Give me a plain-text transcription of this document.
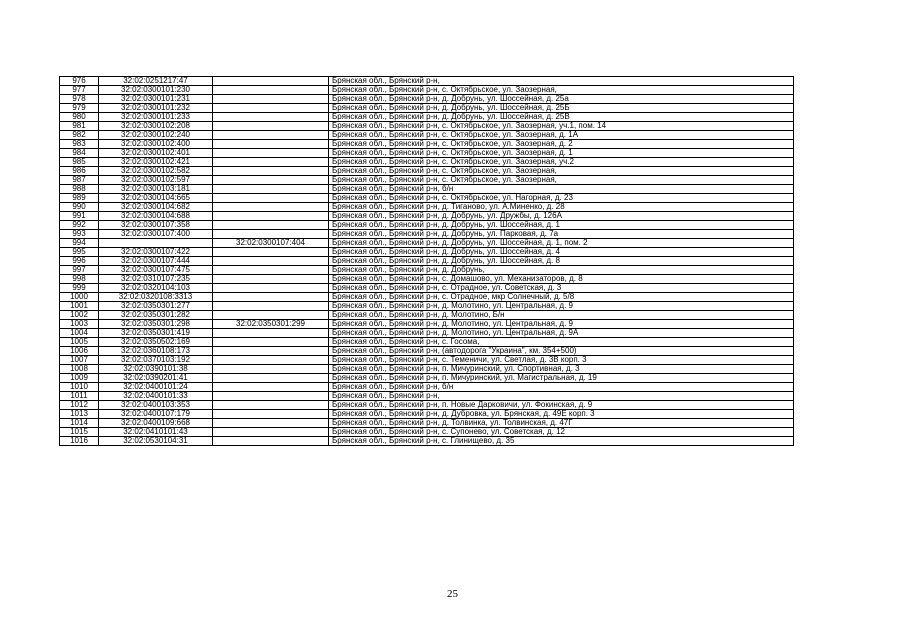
976	32:02:0251217:47		Брянская обл., Брянский р-н,
977	32:02:0300101:230		Брянская обл., Брянский р-н, с. Октябрьское, ул. Заозерная,
978	32:02:0300101:231		Брянская обл., Брянский р-н, д. Добрунь, ул. Шоссейная, д. 25а
979	32:02:0300101:232		Брянская обл., Брянский р-н, д. Добрунь, ул. Шоссейная, д. 25Б
980	32:02:0300101:233		Брянская обл., Брянский р-н, д. Добрунь, ул. Шоссейная, д. 25В
981	32:02:0300102:208		Брянская обл., Брянский р-н, с. Октябрьское, ул. Заозерная, уч.1, пом. 14
982	32:02:0300102:240		Брянская обл., Брянский р-н, с. Октябрьское, ул. Заозерная, д. 1А
983	32:02:0300102:400		Брянская обл., Брянский р-н, с. Октябрьское, ул. Заозерная, д. 2
984	32:02:0300102:401		Брянская обл., Брянский р-н, с. Октябрьское, ул. Заозерная, д. 1
985	32:02:0300102:421		Брянская обл., Брянский р-н, с. Октябрьское, ул. Заозерная, уч.2
986	32:02:0300102:582		Брянская обл., Брянский р-н, с. Октябрьское, ул. Заозерная,
987	32:02:0300102:597		Брянская обл., Брянский р-н, с. Октябрьское, ул. Заозерная,
988	32:02:0300103:181		Брянская обл., Брянский р-н, б/н
989	32:02:0300104:665		Брянская обл., Брянский р-н, с. Октябрьское, ул. Нагорная, д. 23
990	32:02:0300104:682		Брянская обл., Брянский р-н, д. Тиганово, ул. А.Миненко, д. 28
991	32:02:0300104:688		Брянская обл., Брянский р-н, д. Добрунь, ул. Дружбы, д. 126А
992	32:02:0300107:358		Брянская обл., Брянский р-н, д. Добрунь, ул. Шоссейная, д. 1
993	32:02:0300107:400		Брянская обл., Брянский р-н, д. Добрунь, ул. Парковая, д. 7а
994		32:02:0300107:404	Брянская обл., Брянский р-н, д. Добрунь, ул. Шоссейная, д. 1, пом. 2
995	32:02:0300107:422		Брянская обл., Брянский р-н, д. Добрунь, ул. Шоссейная, д. 4
996	32:02:0300107:444		Брянская обл., Брянский р-н, д. Добрунь, ул. Шоссейная, д. 8
997	32:02:0300107:475		Брянская обл., Брянский р-н, д. Добрунь,
998	32:02:0310107:235		Брянская обл., Брянский р-н, с. Домашово, ул. Механизаторов, д. 8
999	32:02:0320104:103		Брянская обл., Брянский р-н, с. Отрадное, ул. Советская, д. 3
1000	32:02:0320108:3313		Брянская обл., Брянский р-н, с. Отрадное, мкр Солнечный, д. 5/8
1001	32:02:0350301:277		Брянская обл., Брянский р-н, д. Молотино, ул. Центральная, д. 9
1002	32:02:0350301:282		Брянская обл., Брянский р-н, д. Молотино, Б/н
1003	32:02:0350301:298	32:02:0350301:299	Брянская обл., Брянский р-н, д. Молотино, ул. Центральная, д. 9
1004	32:02:0350301:419		Брянская обл., Брянский р-н, д. Молотино, ул. Центральная, д. 9А
1005	32:02:0350502:169		Брянская обл., Брянский р-н, с. Госома,
1006	32:02:0360108:173		Брянская обл., Брянский р-н, (автодорога "Украина", км. 354+500)
1007	32:02:0370103:192		Брянская обл., Брянский р-н, с. Теменичи, ул. Светлая, д. 3В корп. 3
1008	32:02:0390101:38		Брянская обл., Брянский р-н, п. Мичуринский, ул. Спортивная, д. 3
1009	32:02:0390201:41		Брянская обл., Брянский р-н, п. Мичуринский, ул. Магистральная, д. 19
1010	32:02:0400101:24		Брянская обл., Брянский р-н, б/н
1011	32:02:0400101:33		Брянская обл., Брянский р-н,
1012	32:02:0400103:353		Брянская обл., Брянский р-н, п. Новые Дарковичи, ул. Фокинская, д. 9
1013	32:02:0400107:179		Брянская обл., Брянский р-н, д. Дубровка, ул. Брянская, д. 49Е корп. 3
1014	32:02:0400109:668		Брянская обл., Брянский р-н, д. Толвинка, ул. Толвинская, д. 47Г
1015	32:02:0410101:43		Брянская обл., Брянский р-н, с. Супонево, ул. Советская, д. 12
1016	32:02:0530104:31		Брянская обл., Брянский р-н, с. Глинищево, д. 35
25
